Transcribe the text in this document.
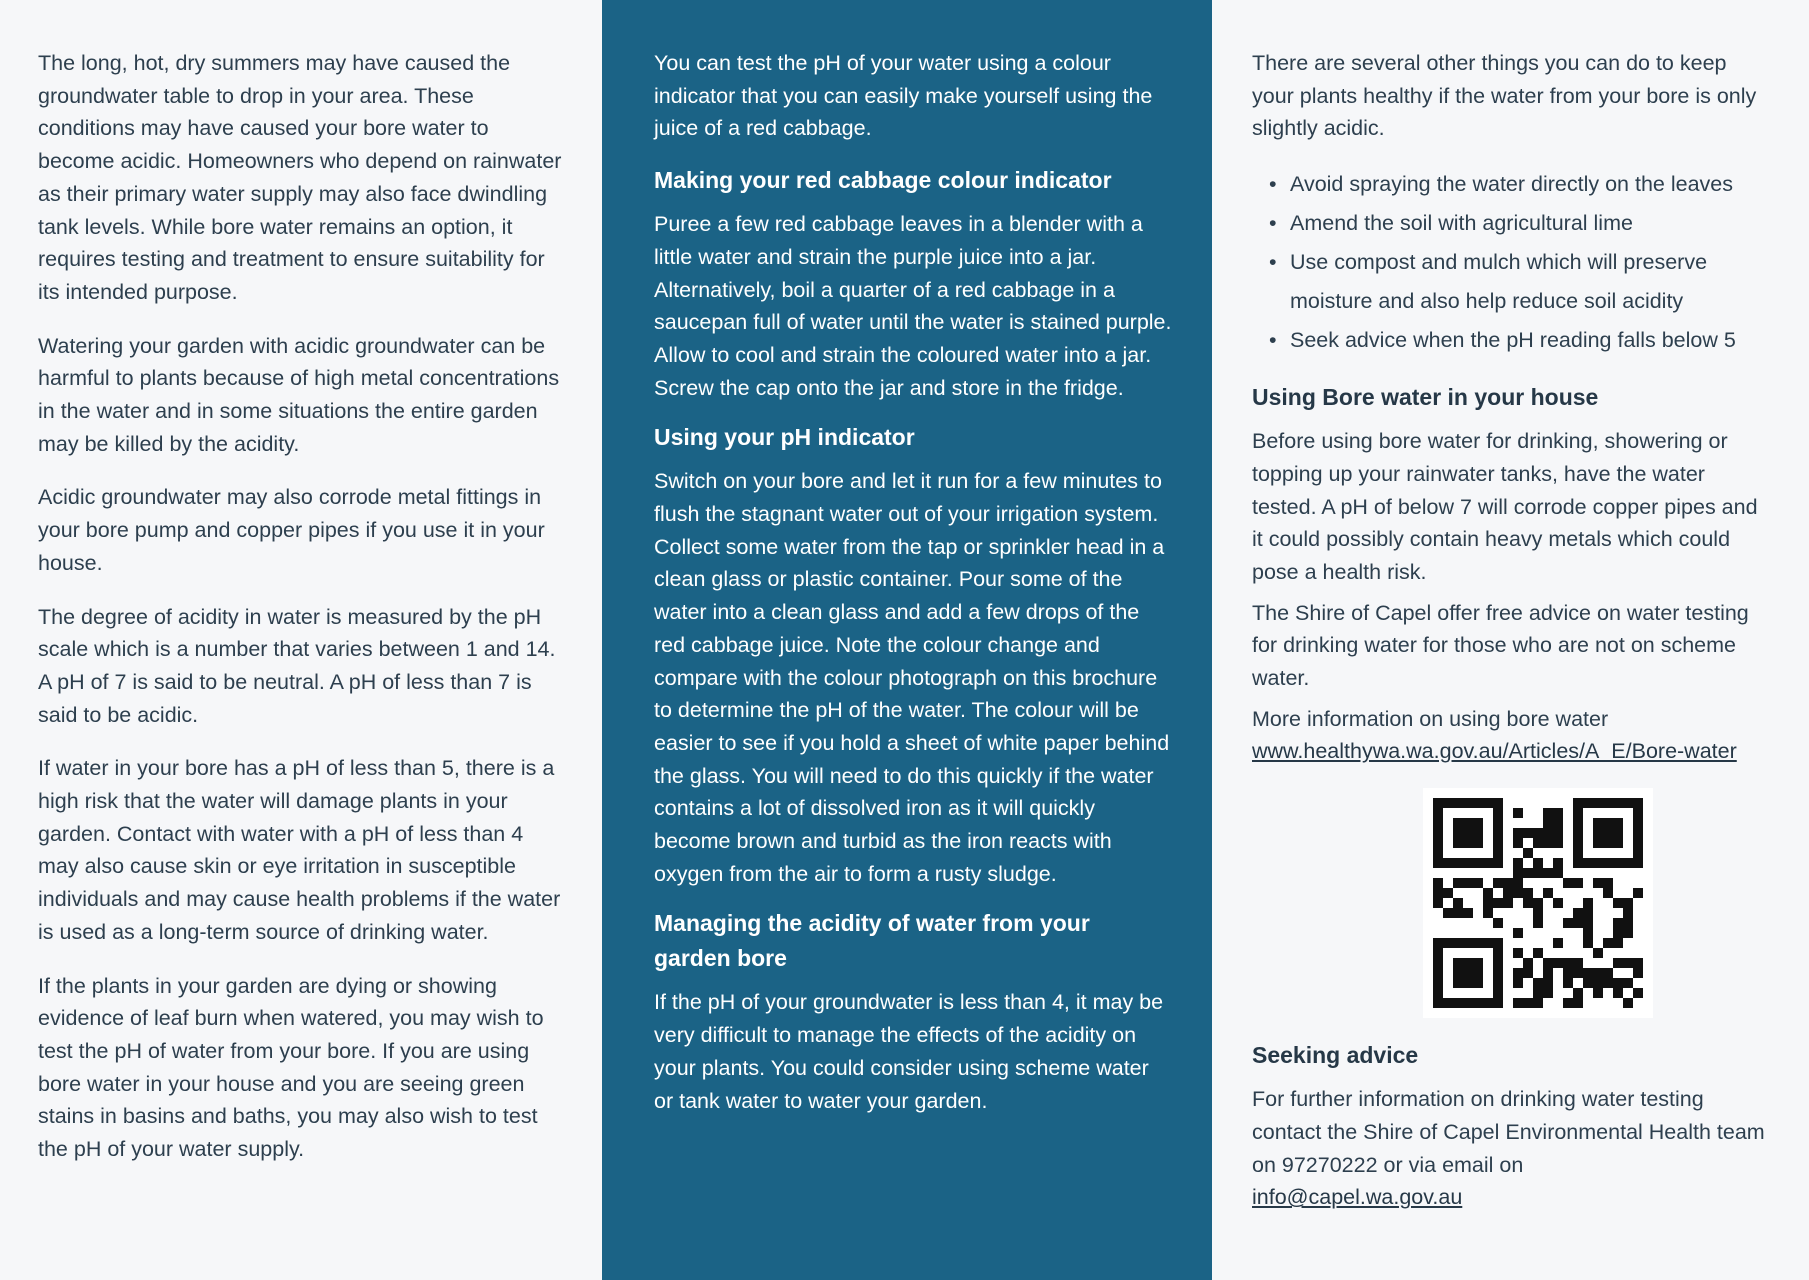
The long, hot, dry summers may have caused the groundwater table to drop in your area. These conditions may have caused your bore water to become acidic. Homeowners who depend on rainwater as their primary water supply may also face dwindling tank levels. While bore water remains an option, it requires testing and treatment to ensure suitability for its intended purpose.

Watering your garden with acidic groundwater can be harmful to plants because of high metal concentrations in the water and in some situations the entire garden may be killed by the acidity.

Acidic groundwater may also corrode metal fittings in your bore pump and copper pipes if you use it in your house.

The degree of acidity in water is measured by the pH scale which is a number that varies between 1 and 14. A pH of 7 is said to be neutral. A pH of less than 7 is said to be acidic.

If water in your bore has a pH of less than 5, there is a high risk that the water will damage plants in your garden. Contact with water with a pH of less than 4 may also cause skin or eye irritation in susceptible individuals and may cause health problems if the water is used as a long-term source of drinking water.

If the plants in your garden are dying or showing evidence of leaf burn when watered, you may wish to test the pH of water from your bore. If you are using bore water in your house and you are seeing green stains in basins and baths, you may also wish to test the pH of your water supply.

You can test the pH of your water using a colour indicator that you can easily make yourself using the juice of a red cabbage.

Making your red cabbage colour indicator

Puree a few red cabbage leaves in a blender with a little water and strain the purple juice into a jar. Alternatively, boil a quarter of a red cabbage in a saucepan full of water until the water is stained purple. Allow to cool and strain the coloured water into a jar. Screw the cap onto the jar and store in the fridge.

Using your pH indicator

Switch on your bore and let it run for a few minutes to flush the stagnant water out of your irrigation system. Collect some water from the tap or sprinkler head in a clean glass or plastic container. Pour some of the water into a clean glass and add a few drops of the red cabbage juice. Note the colour change and compare with the colour photograph on this brochure to determine the pH of the water. The colour will be easier to see if you hold a sheet of white paper behind the glass. You will need to do this quickly if the water contains a lot of dissolved iron as it will quickly become brown and turbid as the iron reacts with oxygen from the air to form a rusty sludge.

Managing the acidity of water from your garden bore

If the pH of your groundwater is less than 4, it may be very difficult to manage the effects of the acidity on your plants. You could consider using scheme water or tank water to water your garden.

There are several other things you can do to keep your plants healthy if the water from your bore is only slightly acidic.

• Avoid spraying the water directly on the leaves
• Amend the soil with agricultural lime
• Use compost and mulch which will preserve moisture and also help reduce soil acidity
• Seek advice when the pH reading falls below 5
Using Bore water in your house

Before using bore water for drinking, showering or topping up your rainwater tanks, have the water tested. A pH of below 7 will corrode copper pipes and it could possibly contain heavy metals which could pose a health risk.

The Shire of Capel offer free advice on water testing for drinking water for those who are not on scheme water.

More information on using bore water

www.healthywa.wa.gov.au/Articles/A_E/Bore-water

Seeking advice

For further information on drinking water testing contact the Shire of Capel Environmental Health team on 97270222 or via email on

info@capel.wa.gov.au
